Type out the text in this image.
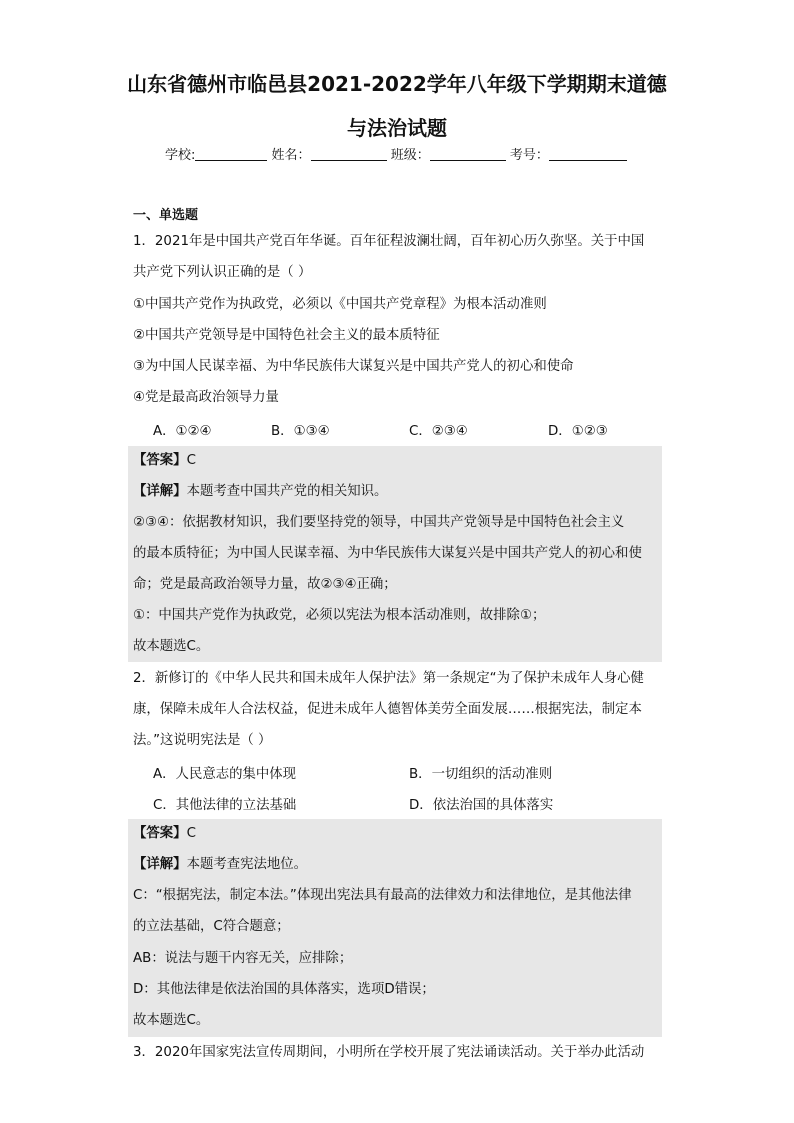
山东省德州市临邑县2021-2022学年八年级下学期期末道德
与法治试题
学校:	姓名：	班级：	考号：
一、单选题
1．2021年是中国共产党百年华诞。百年征程波澜壮阔，百年初心历久弥坚。关于中国
共产党下列认识正确的是（ ）
①中国共产党作为执政党，必须以《中国共产党章程》为根本活动准则
②中国共产党领导是中国特色社会主义的最本质特征
③为中国人民谋幸福、为中华民族伟大谋复兴是中国共产党人的初心和使命
④党是最高政治领导力量
A．①②④	B．①③④	C．②③④	D．①②③
【答案】C
【详解】本题考查中国共产党的相关知识。
②③④：依据教材知识，我们要坚持党的领导，中国共产党领导是中国特色社会主义
的最本质特征；为中国人民谋幸福、为中华民族伟大谋复兴是中国共产党人的初心和使
命；党是最高政治领导力量，故②③④正确；
①：中国共产党作为执政党，必须以宪法为根本活动准则，故排除①；
故本题选C。
2．新修订的《中华人民共和国未成年人保护法》第一条规定“为了保护未成年人身心健
康，保障未成年人合法权益，促进未成年人德智体美劳全面发展……根据宪法，制定本
法。”这说明宪法是（ ）
A．人民意志的集中体现	B．一切组织的活动准则
C．其他法律的立法基础	D．依法治国的具体落实
【答案】C
【详解】本题考查宪法地位。
C：“根据宪法，制定本法。”体现出宪法具有最高的法律效力和法律地位，是其他法律
的立法基础，C符合题意；
AB：说法与题干内容无关，应排除；
D：其他法律是依法治国的具体落实，选项D错误；
故本题选C。
3．2020年国家宪法宣传周期间，小明所在学校开展了宪法诵读活动。关于举办此活动
